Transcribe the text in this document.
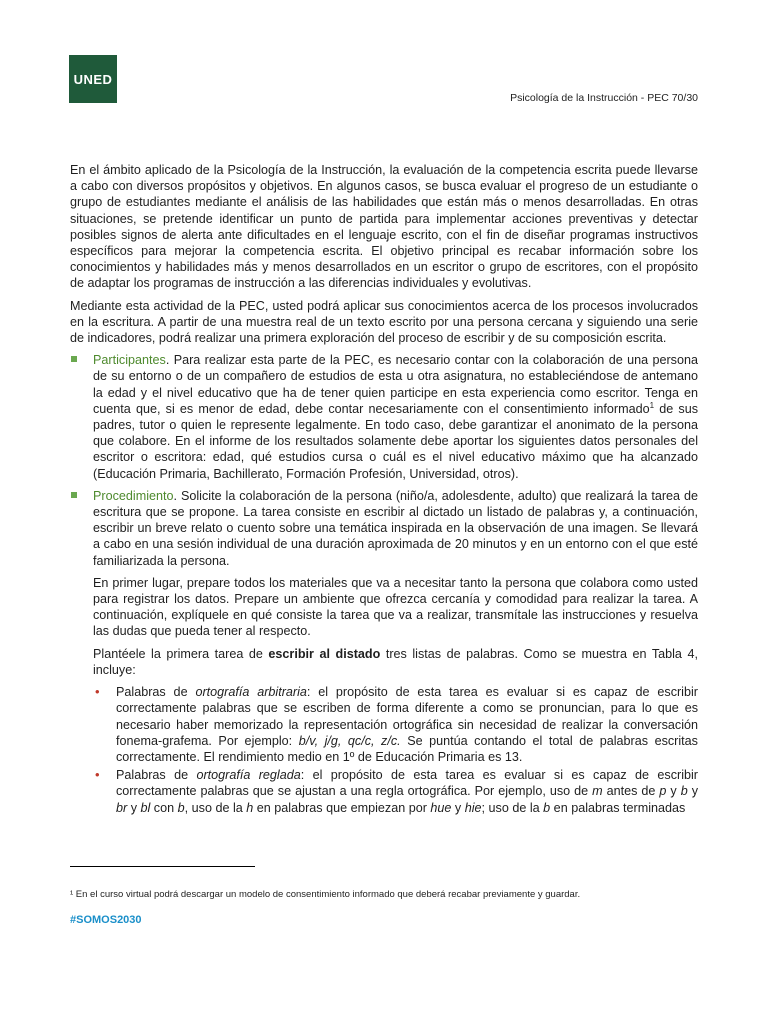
UNED
Psicología de la Instrucción - PEC 70/30

En el ámbito aplicado de la Psicología de la Instrucción, la evaluación de la competencia escrita puede llevarse a cabo con diversos propósitos y objetivos. En algunos casos, se busca evaluar el progreso de un estudiante o grupo de estudiantes mediante el análisis de las habilidades que están más o menos desarrolladas. En otras situaciones, se pretende identificar un punto de partida para implementar acciones preventivas y detectar posibles signos de alerta ante dificultades en el lenguaje escrito, con el fin de diseñar programas instructivos específicos para mejorar la competencia escrita. El objetivo principal es recabar información sobre los conocimientos y habilidades más y menos desarrollados en un escritor o grupo de escritores, con el propósito de adaptar los programas de instrucción a las diferencias individuales y evolutivas.

Mediante esta actividad de la PEC, usted podrá aplicar sus conocimientos acerca de los procesos involucrados en la escritura. A partir de una muestra real de un texto escrito por una persona cercana y siguiendo una serie de indicadores, podrá realizar una primera exploración del proceso de escribir y de su composición escrita.

Participantes. Para realizar esta parte de la PEC, es necesario contar con la colaboración de una persona de su entorno o de un compañero de estudios de esta u otra asignatura, no estableciéndose de antemano la edad y el nivel educativo que ha de tener quien participe en esta experiencia como escritor. Tenga en cuenta que, si es menor de edad, debe contar necesariamente con el consentimiento informado$^1$ de sus padres, tutor o quien le represente legalmente. En todo caso, debe garantizar el anonimato de la persona que colabore. En el informe de los resultados solamente debe aportar los siguientes datos personales del escritor o escritora: edad, qué estudios cursa o cuál es el nivel educativo máximo que ha alcanzado (Educación Primaria, Bachillerato, Formación Profesión, Universidad, otros).

Procedimiento. Solicite la colaboración de la persona (niño/a, adolesdente, adulto) que realizará la tarea de escritura que se propone. La tarea consiste en escribir al dictado un listado de palabras y, a continuación, escribir un breve relato o cuento sobre una temática inspirada en la observación de una imagen. Se llevará a cabo en una sesión individual de una duración aproximada de 20 minutos y en un entorno con el que esté familiarizada la persona.

En primer lugar, prepare todos los materiales que va a necesitar tanto la persona que colabora como usted para registrar los datos. Prepare un ambiente que ofrezca cercanía y comodidad para realizar la tarea. A continuación, explíquele en qué consiste la tarea que va a realizar, transmítale las instrucciones y resuelva las dudas que pueda tener al respecto.

Plantéele la primera tarea de escribir al distado tres listas de palabras. Como se muestra en Tabla 4, incluye:

• Palabras de ortografía arbitraria: el propósito de esta tarea es evaluar si es capaz de escribir correctamente palabras que se escriben de forma diferente a como se pronuncian, para lo que es necesario haber memorizado la representación ortográfica sin necesidad de realizar la conversación fonema-grafema. Por ejemplo: b/v, j/g, qc/c, z/c. Se puntúa contando el total de palabras escritas correctamente. El rendimiento medio en 1º de Educación Primaria es 13.
• Palabras de ortografía reglada: el propósito de esta tarea es evaluar si es capaz de escribir correctamente palabras que se ajustan a una regla ortográfica. Por ejemplo, uso de m antes de p y b y br y bl con b, uso de la h en palabras que empiezan por hue y hie; uso de la b en palabras terminadas
¹ En el curso virtual podrá descargar un modelo de consentimiento informado que deberá recabar previamente y guardar.
#SOMOS2030
